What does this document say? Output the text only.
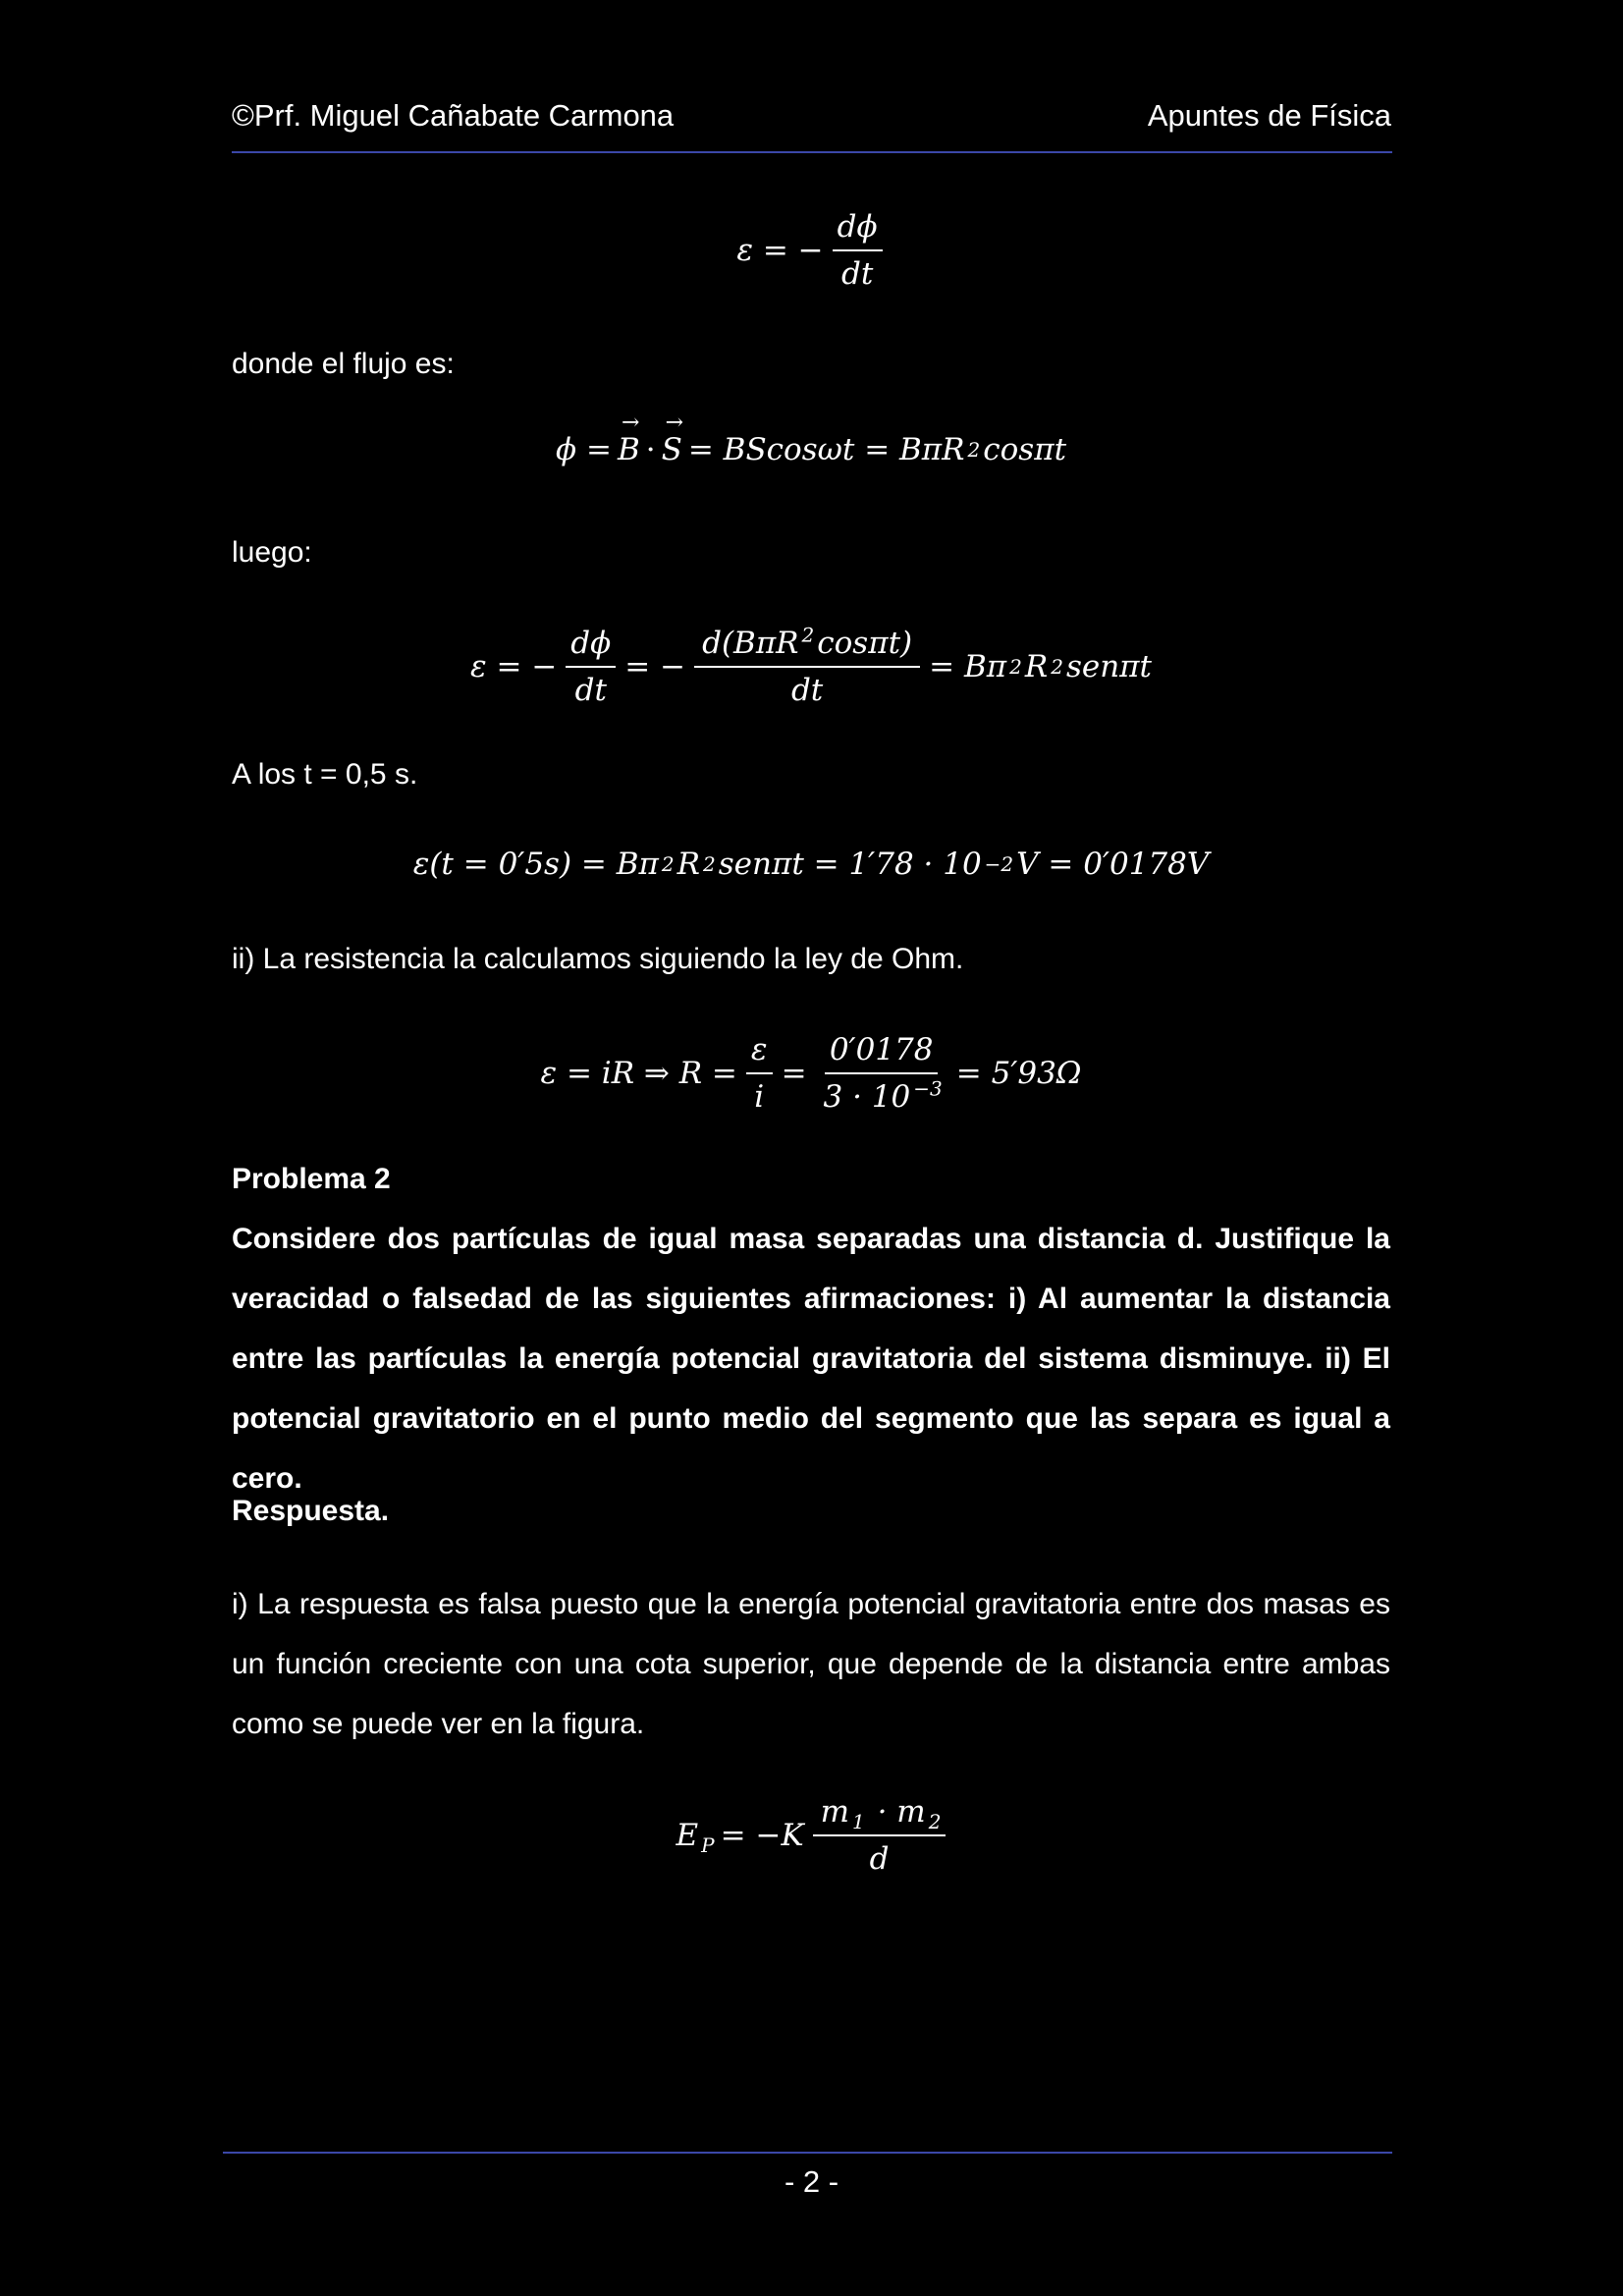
©Prf. Miguel Cañabate Carmona	Apuntes de Física
ε = − $\frac{d\phi}{dt}$
donde el flujo es:
ϕ = → B · → S = BScosωt = BπR 2 cosπt
luego:
ε = − $\frac{d\phi}{dt}$ = −
d(BπR $^2$cosπt)
dt
= Bπ 2 R 2 senπt
A los t = 0,5 s.
ε(t = 0′5s) = Bπ 2 R 2 senπt = 1′78 · 10 −2 V = 0′0178V
ii) La resistencia la calculamos siguiendo la ley de Ohm.
ε = iR ⇒ $R = \frac{\varepsilon}{i} = \frac{0'0178}{3 \cdot 10 ^{-3}} = 5'93\Omega$
Problema 2
Considere dos partículas de igual masa separadas una distancia d. Justifique la veracidad o falsedad de las siguientes afirmaciones: i) Al aumentar la distancia entre las partículas la energía potencial gravitatoria del sistema disminuye. ii) El potencial gravitatorio en el punto medio del segmento que las separa es igual a cero.
Respuesta.
i) La respuesta es falsa puesto que la energía potencial gravitatoria entre dos masas es un función creciente con una cota superior, que depende de la distancia entre ambas como se puede ver en la figura.
E $_P$ = −K
m $_1$ · m $_2$
d
- 2 -
